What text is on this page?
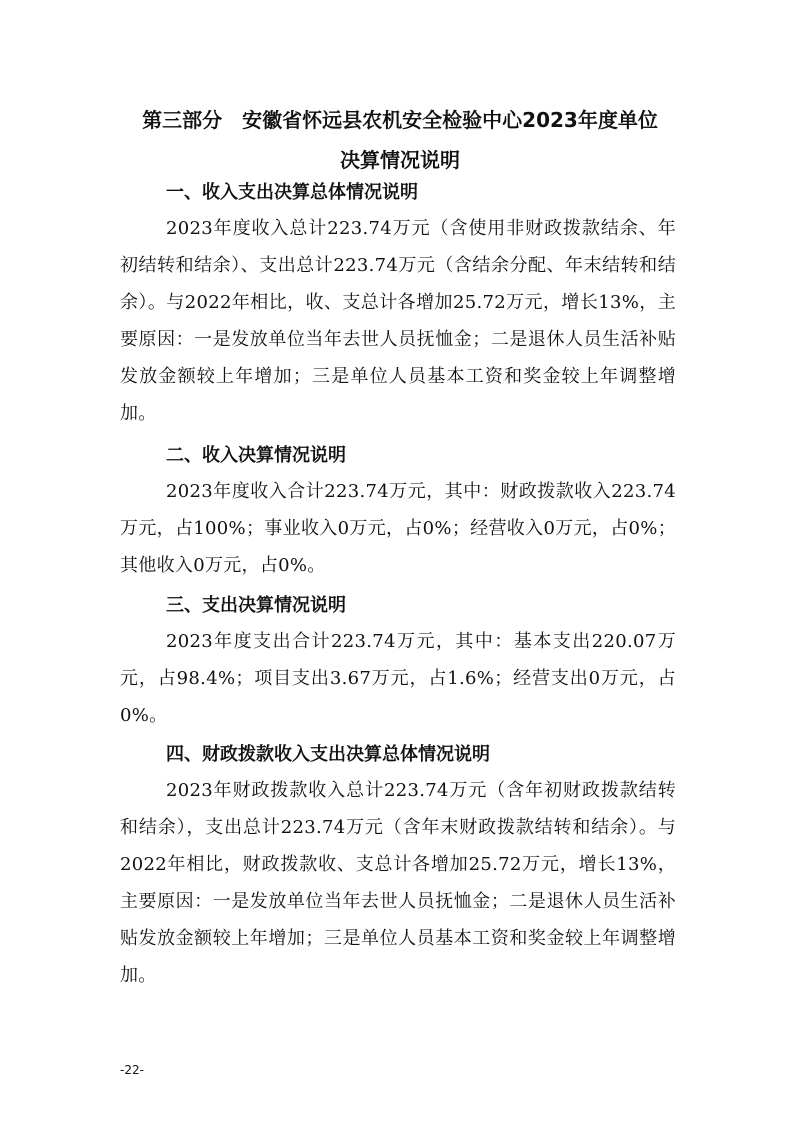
第三部分　安徽省怀远县农机安全检验中心2023年度单位
决算情况说明
一、收入支出决算总体情况说明

2023年度收入总计223.74万元（含使用非财政拨款结余、年初结转和结余）、支出总计223.74万元（含结余分配、年末结转和结余）。与2022年相比，收、支总计各增加25.72万元，增长13%，主要原因：一是发放单位当年去世人员抚恤金；二是退休人员生活补贴发放金额较上年增加；三是单位人员基本工资和奖金较上年调整增加。

二、收入决算情况说明

2023年度收入合计223.74万元，其中：财政拨款收入223.74万元，占100%；事业收入0万元，占0%；经营收入0万元，占0%；其他收入0万元，占0%。

三、支出决算情况说明

2023年度支出合计223.74万元，其中：基本支出220.07万元，占98.4%；项目支出3.67万元，占1.6%；经营支出0万元，占0%。

四、财政拨款收入支出决算总体情况说明

2023年财政拨款收入总计223.74万元（含年初财政拨款结转和结余），支出总计223.74万元（含年末财政拨款结转和结余）。与2022年相比，财政拨款收、支总计各增加25.72万元，增长13%，主要原因：一是发放单位当年去世人员抚恤金；二是退休人员生活补贴发放金额较上年增加；三是单位人员基本工资和奖金较上年调整增加。

-22-
